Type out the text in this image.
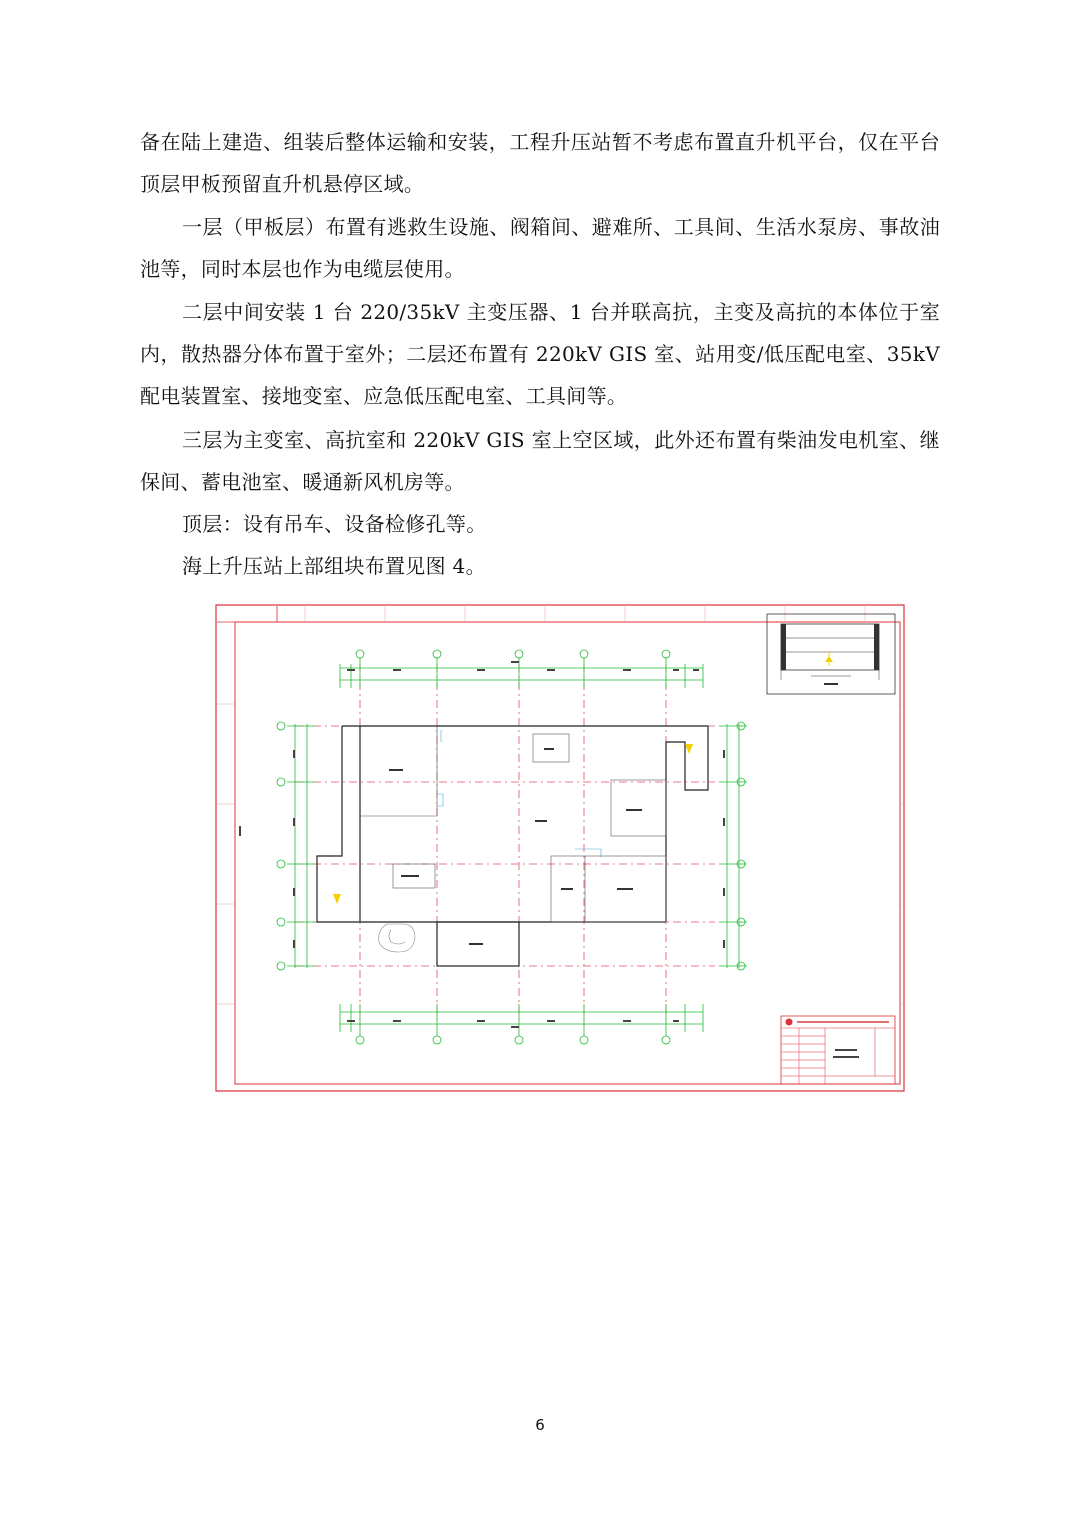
备在陆上建造、组装后整体运输和安装，工程升压站暂不考虑布置直升机平台，仅在平台顶层甲板预留直升机悬停区域。

一层（甲板层）布置有逃救生设施、阀箱间、避难所、工具间、生活水泵房、事故油池等，同时本层也作为电缆层使用。

二层中间安装 1 台 220/35kV 主变压器、1 台并联高抗，主变及高抗的本体位于室内，散热器分体布置于室外；二层还布置有 220kV GIS 室、站用变/低压配电室、35kV 配电装置室、接地变室、应急低压配电室、工具间等。

三层为主变室、高抗室和 220kV GIS 室上空区域，此外还布置有柴油发电机室、继保间、蓄电池室、暖通新风机房等。

顶层：设有吊车、设备检修孔等。

海上升压站上部组块布置见图 4。

6
